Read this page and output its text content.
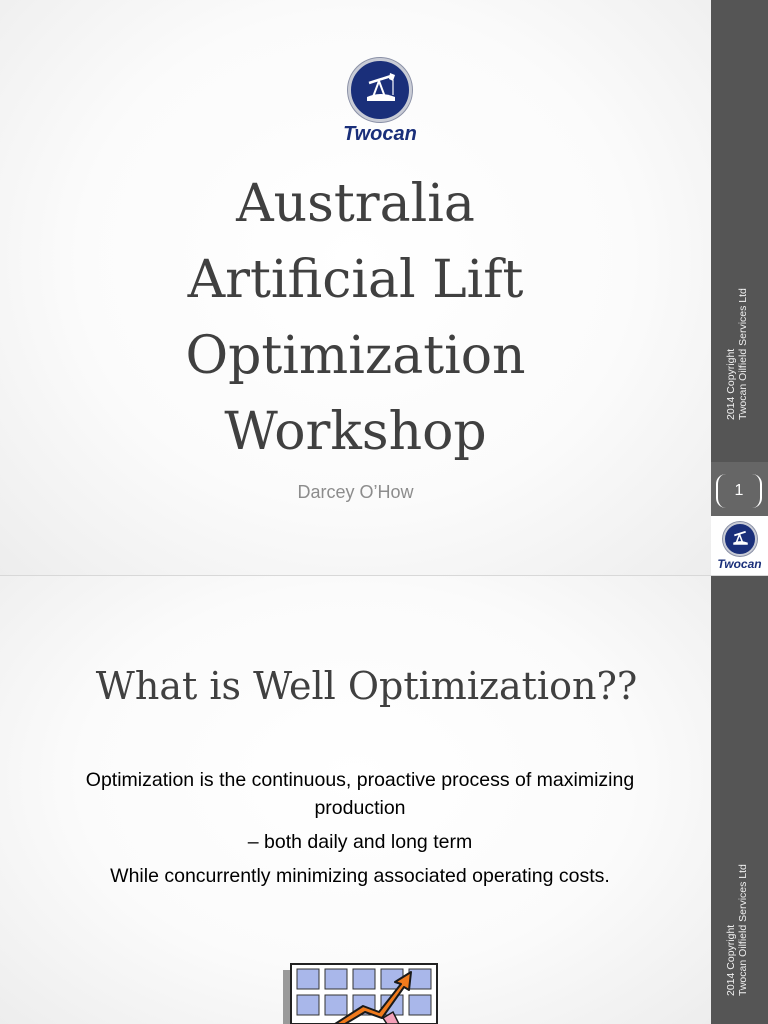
Twocan
Australia
Artificial Lift
Optimization
Workshop
Darcey O’How
2014 Copyright Twocan Oilfield Services Ltd
1
Twocan
What is Well Optimization??

Optimization is the continuous, proactive process of maximizing production

– both daily and long term

While concurrently minimizing associated operating costs.

2014 Copyright Twocan Oilfield Services Ltd
